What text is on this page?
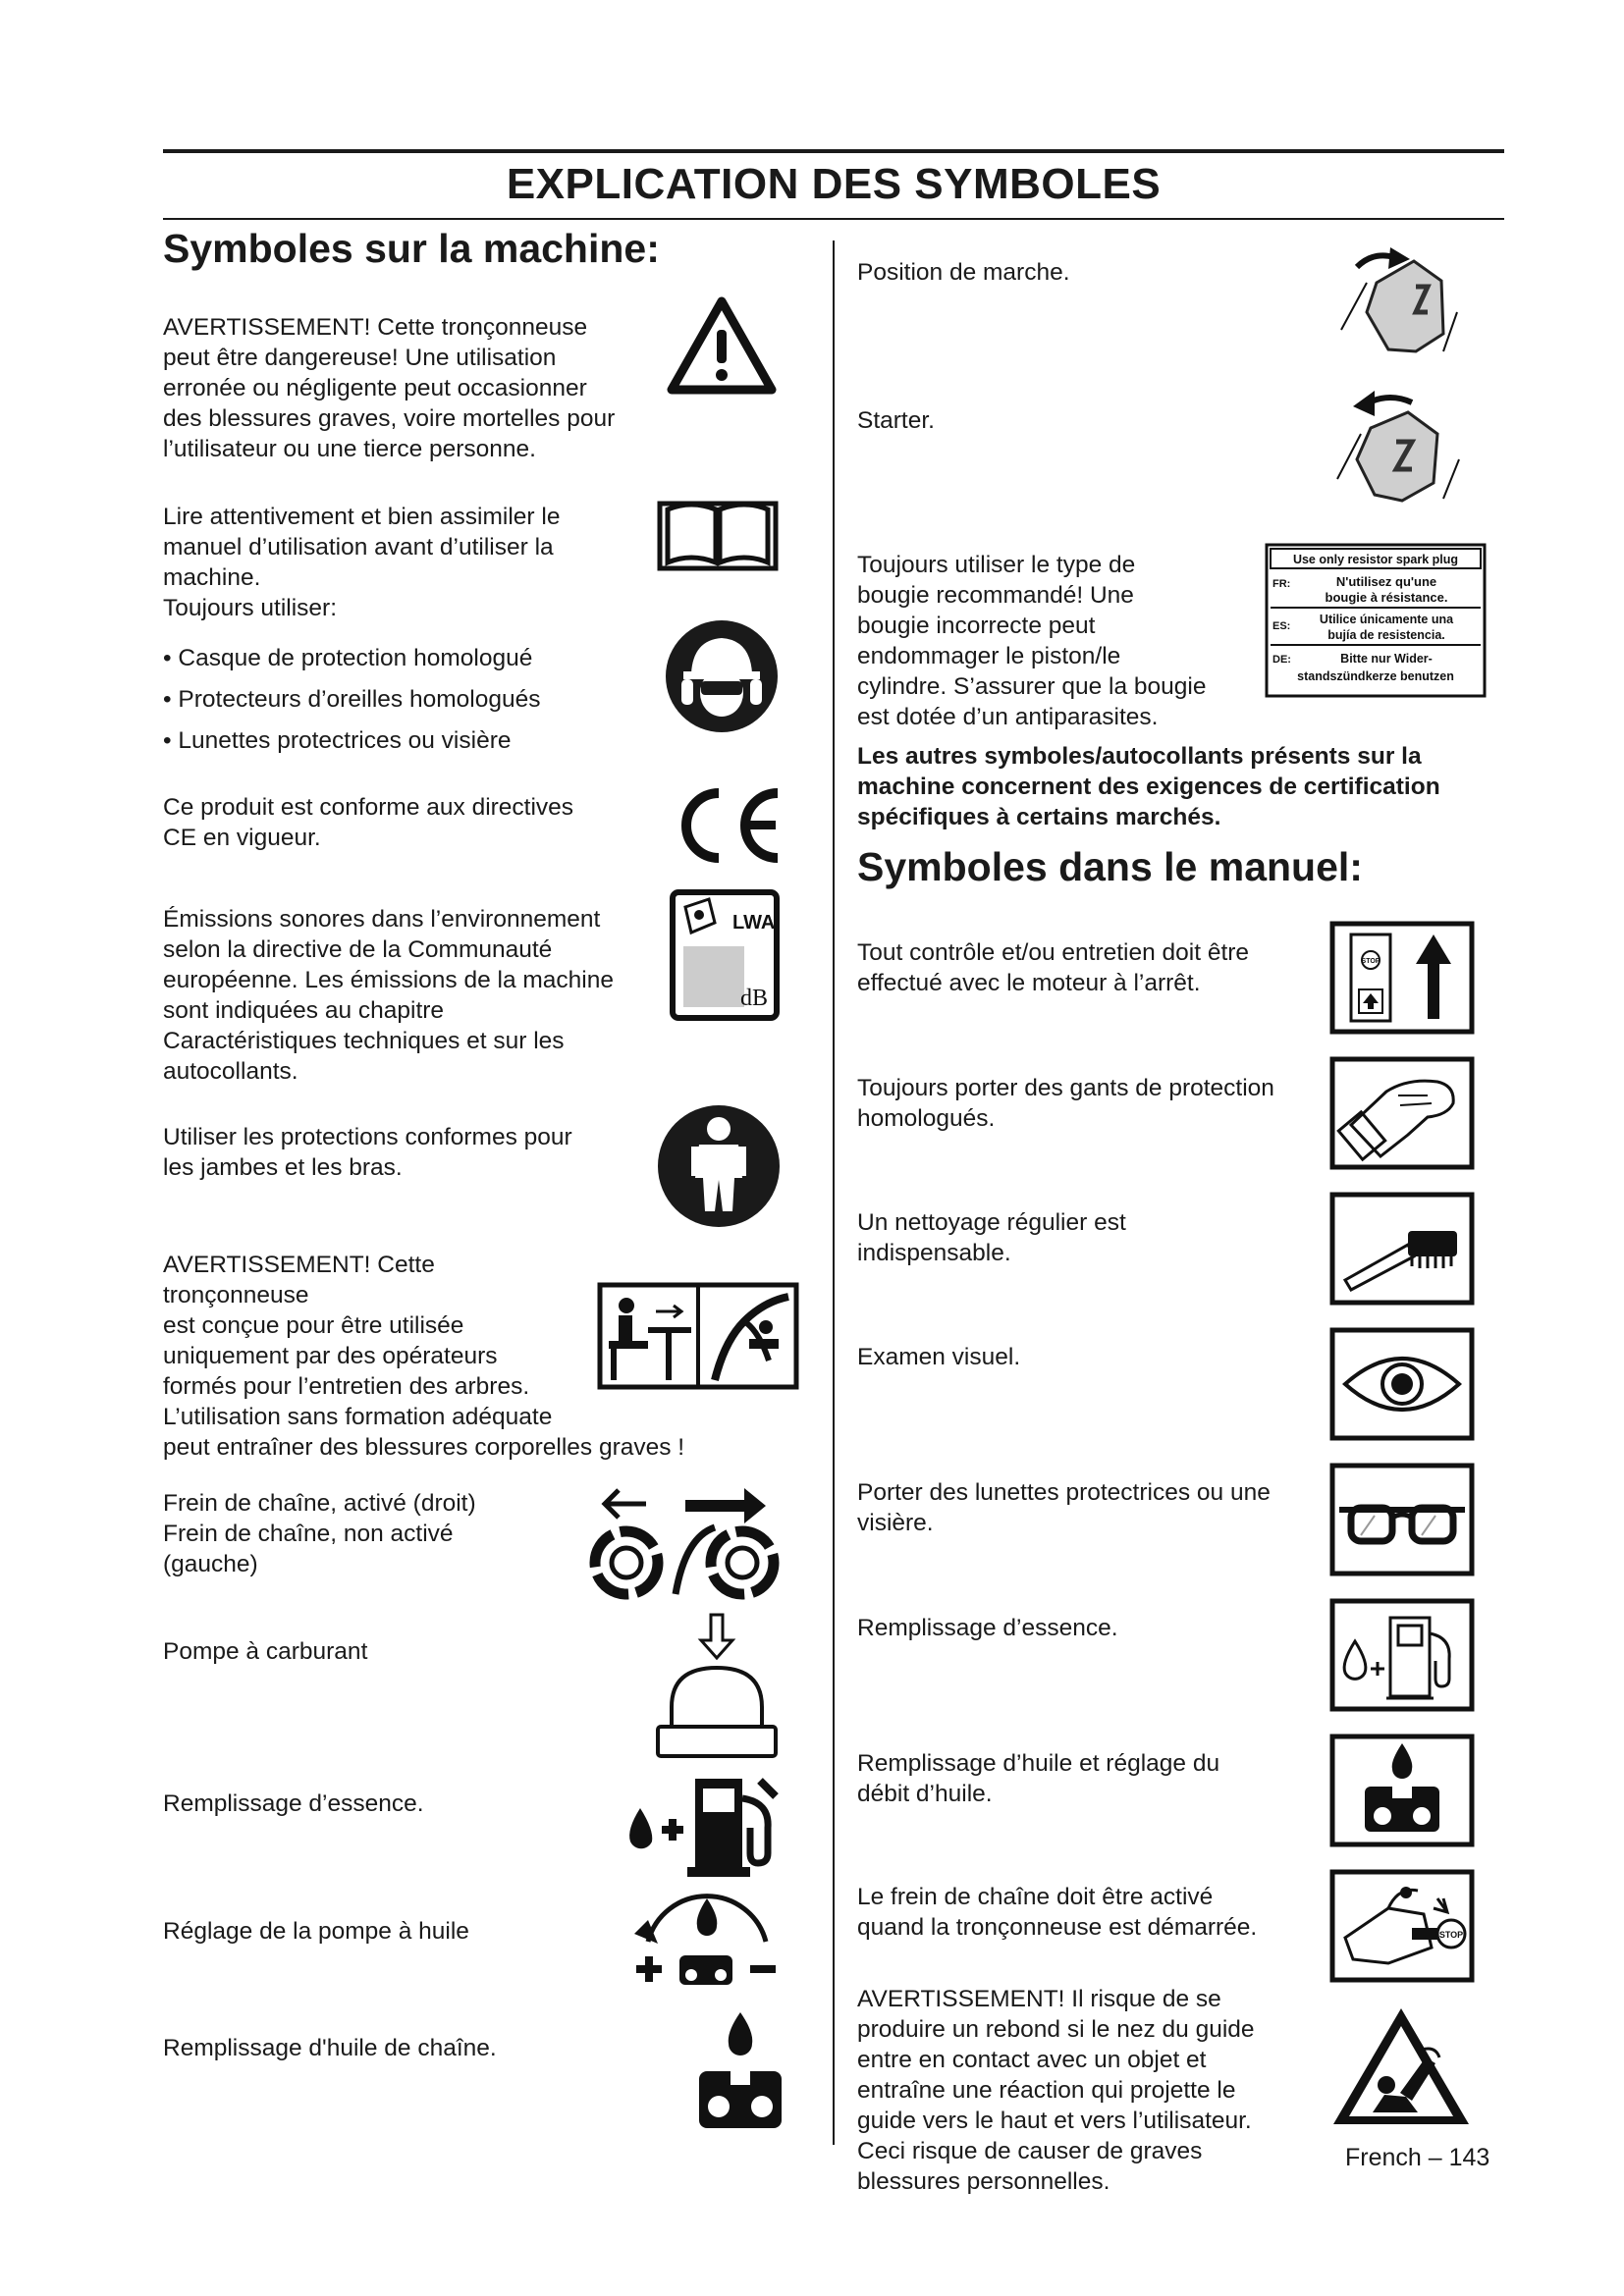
EXPLICATION DES SYMBOLES
Symboles sur la machine:

AVERTISSEMENT! Cette tronçonneuse

peut être dangereuse! Une utilisation

erronée ou négligente peut occasionner

des blessures graves, voire mortelles pour

l’utilisateur ou une tierce personne.

Lire attentivement et bien assimiler le

manuel d’utilisation avant d’utiliser la

machine.

Toujours utiliser:

• Casque de protection homologué

• Protecteurs d’oreilles homologués

• Lunettes protectrices ou visière

Ce produit est conforme aux directives

CE en vigueur.

Émissions sonores dans l’environnement

selon la directive de la Communauté

européenne. Les émissions de la machine

sont indiquées au chapitre

Caractéristiques techniques et sur les

autocollants.

LWA
dB

Utiliser les protections conformes pour

les jambes et les bras.

AVERTISSEMENT! Cette

tronçonneuse

est conçue pour être utilisée

uniquement par des opérateurs

formés pour l’entretien des arbres.

L’utilisation sans formation adéquate

peut entraîner des blessures corporelles graves !

Frein de chaîne, activé (droit)

Frein de chaîne, non activé

(gauche)

Pompe à carburant

Remplissage d’essence.

Réglage de la pompe à huile

Remplissage d'huile de chaîne.

Position de marche.

Starter.

Toujours utiliser le type de

bougie recommandé! Une

bougie incorrecte peut

endommager le piston/le

cylindre. S’assurer que la bougie

est dotée d’un antiparasites.

Use only resistor spark plug
FR:	N'utilisez qu'une
bougie à résistance.
ES: Utilice únicamente una
bujía de resistencia.
DE:	Bitte nur Wider-
standszündkerze benutzen

Les autres symboles/autocollants présents sur la

machine concernent des exigences de certification

spécifiques à certains marchés.

Symboles dans le manuel:

Tout contrôle et/ou entretien doit être

effectué avec le moteur à l’arrêt.

STOP

Toujours porter des gants de protection

homologués.

Un nettoyage régulier est

indispensable.

Examen visuel.

Porter des lunettes protectrices ou une

visière.

Remplissage d’essence.

Remplissage d’huile et réglage du

débit d’huile.

Le frein de chaîne doit être activé

quand la tronçonneuse est démarrée.	STOP

AVERTISSEMENT! Il risque de se

produire un rebond si le nez du guide

entre en contact avec un objet et

entraîne une réaction qui projette le

guide vers le haut et vers l’utilisateur.

Ceci risque de causer de graves

blessures personnelles.

French – 143
